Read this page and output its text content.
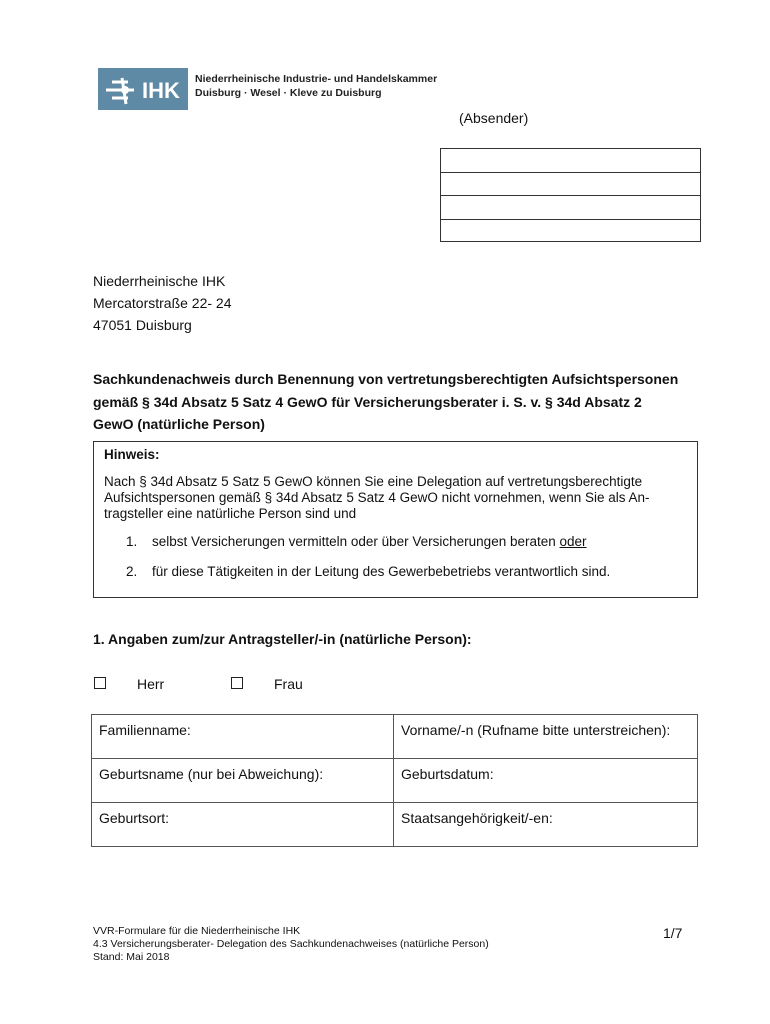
IHK Niederrheinische Industrie- und Handelskammer
Duisburg · Wesel · Kleve zu Duisburg
(Absender)
Niederrheinische IHK
Mercatorstraße 22- 24
47051 Duisburg
Sachkundenachweis durch Benennung von vertretungsberechtigten Aufsichtspersonen
gemäß § 34d Absatz 5 Satz 4 GewO für Versicherungsberater i. S. v. § 34d Absatz 2
GewO (natürliche Person)
Hinweis:
Nach § 34d Absatz 5 Satz 5 GewO können Sie eine Delegation auf vertretungsberechtigte
Aufsichtspersonen gemäß § 34d Absatz 5 Satz 4 GewO nicht vornehmen, wenn Sie als An-
tragsteller eine natürliche Person sind und
1. selbst Versicherungen vermitteln oder über Versicherungen beraten oder
2. für diese Tätigkeiten in der Leitung des Gewerbebetriebs verantwortlich sind.
1. Angaben zum/zur Antragsteller/-in (natürliche Person):
Herr	Frau
Familienname:	Vorname/-n (Rufname bitte unterstreichen):
Geburtsname (nur bei Abweichung):	Geburtsdatum:
Geburtsort:	Staatsangehörigkeit/-en:
VVR-Formulare für die Niederrheinische IHK
4.3 Versicherungsberater- Delegation des Sachkundenachweises (natürliche Person)
Stand: Mai 2018
1/7
